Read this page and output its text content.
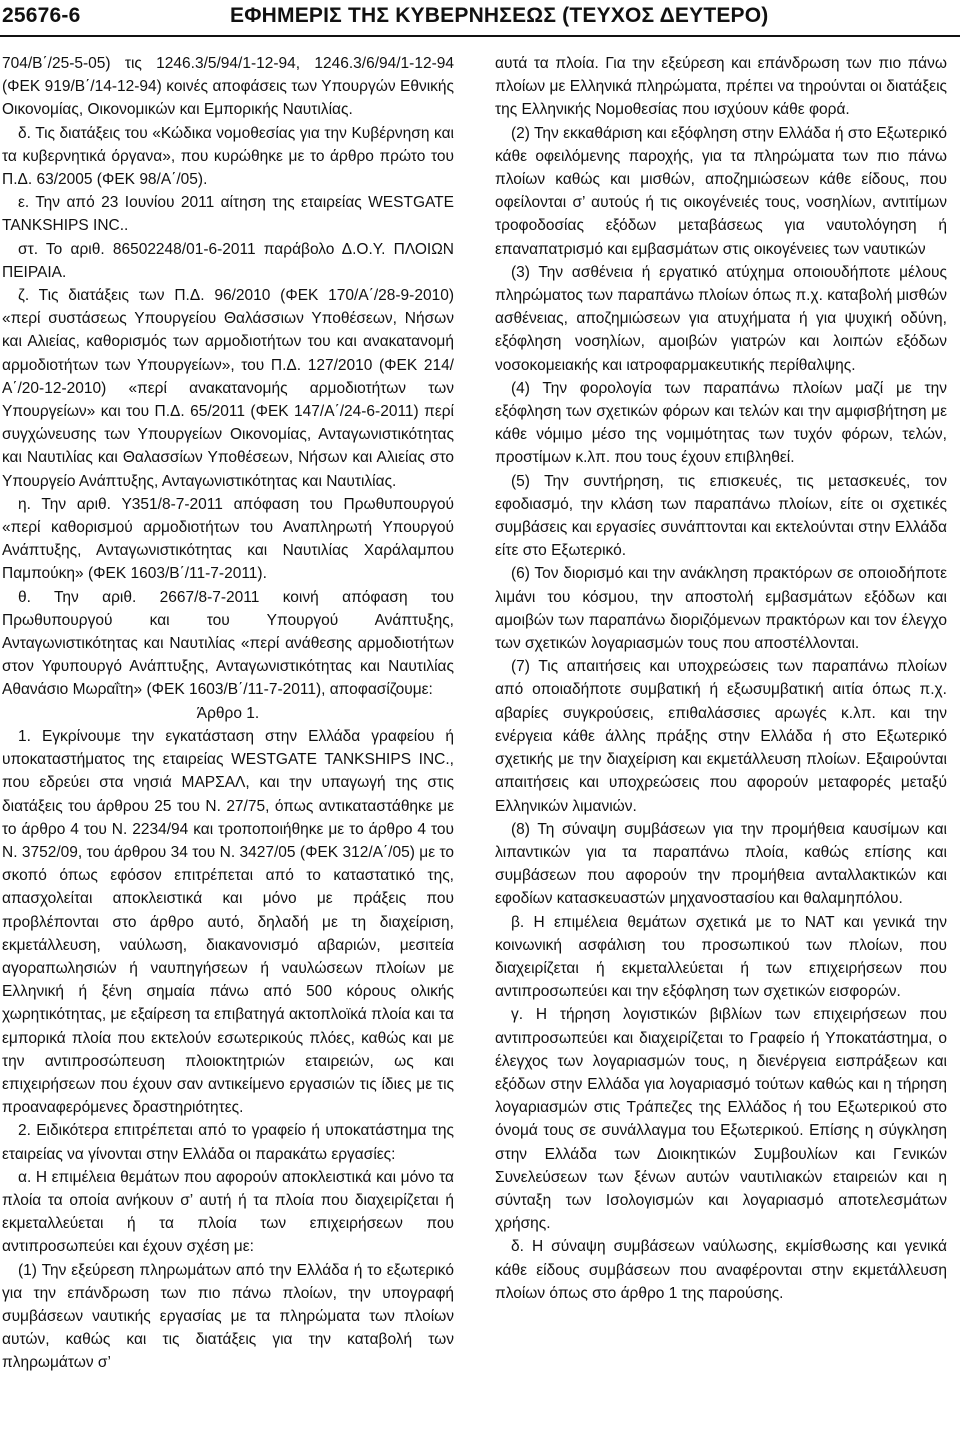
25676-6	ΕΦΗΜΕΡΙΣ ΤΗΣ ΚΥΒΕΡΝΗΣΕΩΣ (ΤΕΥΧΟΣ ΔΕΥΤΕΡΟ)

704/Β΄/25-5-05) τις 1246.3/5/94/1-12-94, 1246.3/6/94/1-12-94 (ΦΕΚ 919/Β΄/14-12-94) κοινές αποφάσεις των Υπουργών Εθνικής Οικονομίας, Οικονομικών και Εμπορικής Ναυτιλίας.

δ. Τις διατάξεις του «Κώδικα νομοθεσίας για την Κυβέρνηση και τα κυβερνητικά όργανα», που κυρώθηκε με το άρθρο πρώτο του Π.Δ. 63/2005 (ΦΕΚ 98/Α΄/05).

ε. Την από 23 Ιουνίου 2011 αίτηση της εταιρείας WESTGATE TANKSHIPS INC..

στ. Το αριθ. 86502248/01-6-2011 παράβολο Δ.Ο.Υ. ΠΛΟΙΩΝ ΠΕΙΡΑΙΑ.

ζ. Τις διατάξεις των Π.Δ. 96/2010 (ΦΕΚ 170/Α΄/28-9-2010) «περί συστάσεως Υπουργείου Θαλάσσιων Υποθέσεων, Νήσων και Αλιείας, καθορισμός των αρμοδιοτήτων του και ανακατανομή αρμοδιοτήτων των Υπουργείων», του Π.Δ. 127/2010 (ΦΕΚ 214/Α΄/20-12-2010) «περί ανακατανομής αρμοδιοτήτων των Υπουργείων» και του Π.Δ. 65/2011 (ΦΕΚ 147/Α΄/24-6-2011) περί συγχώνευσης των Υπουργείων Οικονομίας, Ανταγωνιστικότητας και Ναυτιλίας και Θαλασσίων Υποθέσεων, Νήσων και Αλιείας στο Υπουργείο Ανάπτυξης, Ανταγωνιστικότητας και Ναυτιλίας.

η. Την αριθ. Υ351/8-7-2011 απόφαση του Πρωθυπουργού «περί καθορισμού αρμοδιοτήτων του Αναπληρωτή Υπουργού Ανάπτυξης, Ανταγωνιστικότητας και Ναυτιλίας Χαράλαμπου Παμπούκη» (ΦΕΚ 1603/Β΄/11-7-2011).

θ. Την αριθ. 2667/8-7-2011 κοινή απόφαση του Πρωθυπουργού και του Υπουργού Ανάπτυξης, Ανταγωνιστικότητας και Ναυτιλίας «περί ανάθεσης αρμοδιοτήτων στον Υφυπουργό Ανάπτυξης, Ανταγωνιστικότητας και Ναυτιλίας Αθανάσιο Μωραΐτη» (ΦΕΚ 1603/Β΄/11-7-2011), αποφασίζουμε:

Άρθρο 1.

1. Εγκρίνουμε την εγκατάσταση στην Ελλάδα γραφείου ή υποκαταστήματος της εταιρείας WESTGATE TANKSHIPS INC., που εδρεύει στα νησιά ΜΑΡΣΑΛ, και την υπαγωγή της στις διατάξεις του άρθρου 25 του Ν. 27/75, όπως αντικαταστάθηκε με το άρθρο 4 του Ν. 2234/94 και τροποποιήθηκε με το άρθρο 4 του Ν. 3752/09, του άρθρου 34 του Ν. 3427/05 (ΦΕΚ 312/Α΄/05) με το σκοπό όπως εφόσον επιτρέπεται από το καταστατικό της, απασχολείται αποκλειστικά και μόνο με πράξεις που προβλέπονται στο άρθρο αυτό, δηλαδή με τη διαχείριση, εκμετάλλευση, ναύλωση, διακανονισμό αβαριών, μεσιτεία αγοραπωλησιών ή ναυπηγήσεων ή ναυλώσεων πλοίων με Ελληνική ή ξένη σημαία πάνω από 500 κόρους ολικής χωρητικότητας, με εξαίρεση τα επιβατηγά ακτοπλοϊκά πλοία και τα εμπορικά πλοία που εκτελούν εσωτερικούς πλόες, καθώς και με την αντιπροσώπευση πλοιοκτητριών εταιρειών, ως και επιχειρήσεων που έχουν σαν αντικείμενο εργασιών τις ίδιες με τις προαναφερόμενες δραστηριότητες.

2. Ειδικότερα επιτρέπεται από το γραφείο ή υποκατάστημα της εταιρείας να γίνονται στην Ελλάδα οι παρακάτω εργασίες:

α. Η επιμέλεια θεμάτων που αφορούν αποκλειστικά και μόνο τα πλοία τα οποία ανήκουν σ’ αυτή ή τα πλοία που διαχειρίζεται ή εκμεταλλεύεται ή τα πλοία των επιχειρήσεων που αντιπροσωπεύει και έχουν σχέση με:

(1) Την εξεύρεση πληρωμάτων από την Ελλάδα ή το εξωτερικό για την επάνδρωση των πιο πάνω πλοίων, την υπογραφή συμβάσεων ναυτικής εργασίας με τα πληρώματα των πλοίων αυτών, καθώς και τις διατάξεις για την καταβολή των πληρωμάτων σ’

αυτά τα πλοία. Για την εξεύρεση και επάνδρωση των πιο πάνω πλοίων με Ελληνικά πληρώματα, πρέπει να τηρούνται οι διατάξεις της Ελληνικής Νομοθεσίας που ισχύουν κάθε φορά.

(2) Την εκκαθάριση και εξόφληση στην Ελλάδα ή στο Εξωτερικό κάθε οφειλόμενης παροχής, για τα πληρώματα των πιο πάνω πλοίων καθώς και μισθών, αποζημιώσεων κάθε είδους, που οφείλονται σ’ αυτούς ή τις οικογένειές τους, νοσηλίων, αντιτίμων τροφοδοσίας εξόδων μεταβάσεως για ναυτολόγηση ή επαναπατρισμό και εμβασμάτων στις οικογένειες των ναυτικών

(3) Την ασθένεια ή εργατικό ατύχημα οποιουδήποτε μέλους πληρώματος των παραπάνω πλοίων όπως π.χ. καταβολή μισθών ασθένειας, αποζημιώσεων για ατυχήματα ή για ψυχική οδύνη, εξόφληση νοσηλίων, αμοιβών γιατρών και λοιπών εξόδων νοσοκομειακής και ιατροφαρμακευτικής περίθαλψης.

(4) Την φορολογία των παραπάνω πλοίων μαζί με την εξόφληση των σχετικών φόρων και τελών και την αμφισβήτηση με κάθε νόμιμο μέσο της νομιμότητας των τυχόν φόρων, τελών, προστίμων κ.λπ. που τους έχουν επιβληθεί.

(5) Την συντήρηση, τις επισκευές, τις μετασκευές, τον εφοδιασμό, την κλάση των παραπάνω πλοίων, είτε οι σχετικές συμβάσεις και εργασίες συνάπτονται και εκτελούνται στην Ελλάδα είτε στο Εξωτερικό.

(6) Τον διορισμό και την ανάκληση πρακτόρων σε οποιοδήποτε λιμάνι του κόσμου, την αποστολή εμβασμάτων εξόδων και αμοιβών των παραπάνω διοριζόμενων πρακτόρων και τον έλεγχο των σχετικών λογαριασμών τους που αποστέλλονται.

(7) Τις απαιτήσεις και υποχρεώσεις των παραπάνω πλοίων από οποιαδήποτε συμβατική ή εξωσυμβατική αιτία όπως π.χ. αβαρίες συγκρούσεις, επιθαλάσσιες αρωγές κ.λπ. και την ενέργεια κάθε άλλης πράξης στην Ελλάδα ή στο Εξωτερικό σχετικής με την διαχείριση και εκμετάλλευση πλοίων. Εξαιρούνται απαιτήσεις και υποχρεώσεις που αφορούν μεταφορές μεταξύ Ελληνικών λιμανιών.

(8) Τη σύναψη συμβάσεων για την προμήθεια καυσίμων και λιπαντικών για τα παραπάνω πλοία, καθώς επίσης και συμβάσεων που αφορούν την προμήθεια ανταλλακτικών και εφοδίων κατασκευαστών μηχανοστασίου και θαλαμηπόλου.

β. Η επιμέλεια θεμάτων σχετικά με το ΝΑΤ και γενικά την κοινωνική ασφάλιση του προσωπικού των πλοίων, που διαχειρίζεται ή εκμεταλλεύεται ή των επιχειρήσεων που αντιπροσωπεύει και την εξόφληση των σχετικών εισφορών.

γ. Η τήρηση λογιστικών βιβλίων των επιχειρήσεων που αντιπροσωπεύει και διαχειρίζεται το Γραφείο ή Υποκατάστημα, ο έλεγχος των λογαριασμών τους, η διενέργεια εισπράξεων και εξόδων στην Ελλάδα για λογαριασμό τούτων καθώς και η τήρηση λογαριασμών στις Τράπεζες της Ελλάδος ή του Εξωτερικού στο όνομά τους σε συνάλλαγμα του Εξωτερικού. Επίσης η σύγκληση στην Ελλάδα των Διοικητικών Συμβουλίων και Γενικών Συνελεύσεων των ξένων αυτών ναυτιλιακών εταιρειών και η σύνταξη των Ισολογισμών και λογαριασμό αποτελεσμάτων χρήσης.

δ. Η σύναψη συμβάσεων ναύλωσης, εκμίσθωσης και γενικά κάθε είδους συμβάσεων που αναφέρονται στην εκμετάλλευση πλοίων όπως στο άρθρο 1 της παρούσης.
